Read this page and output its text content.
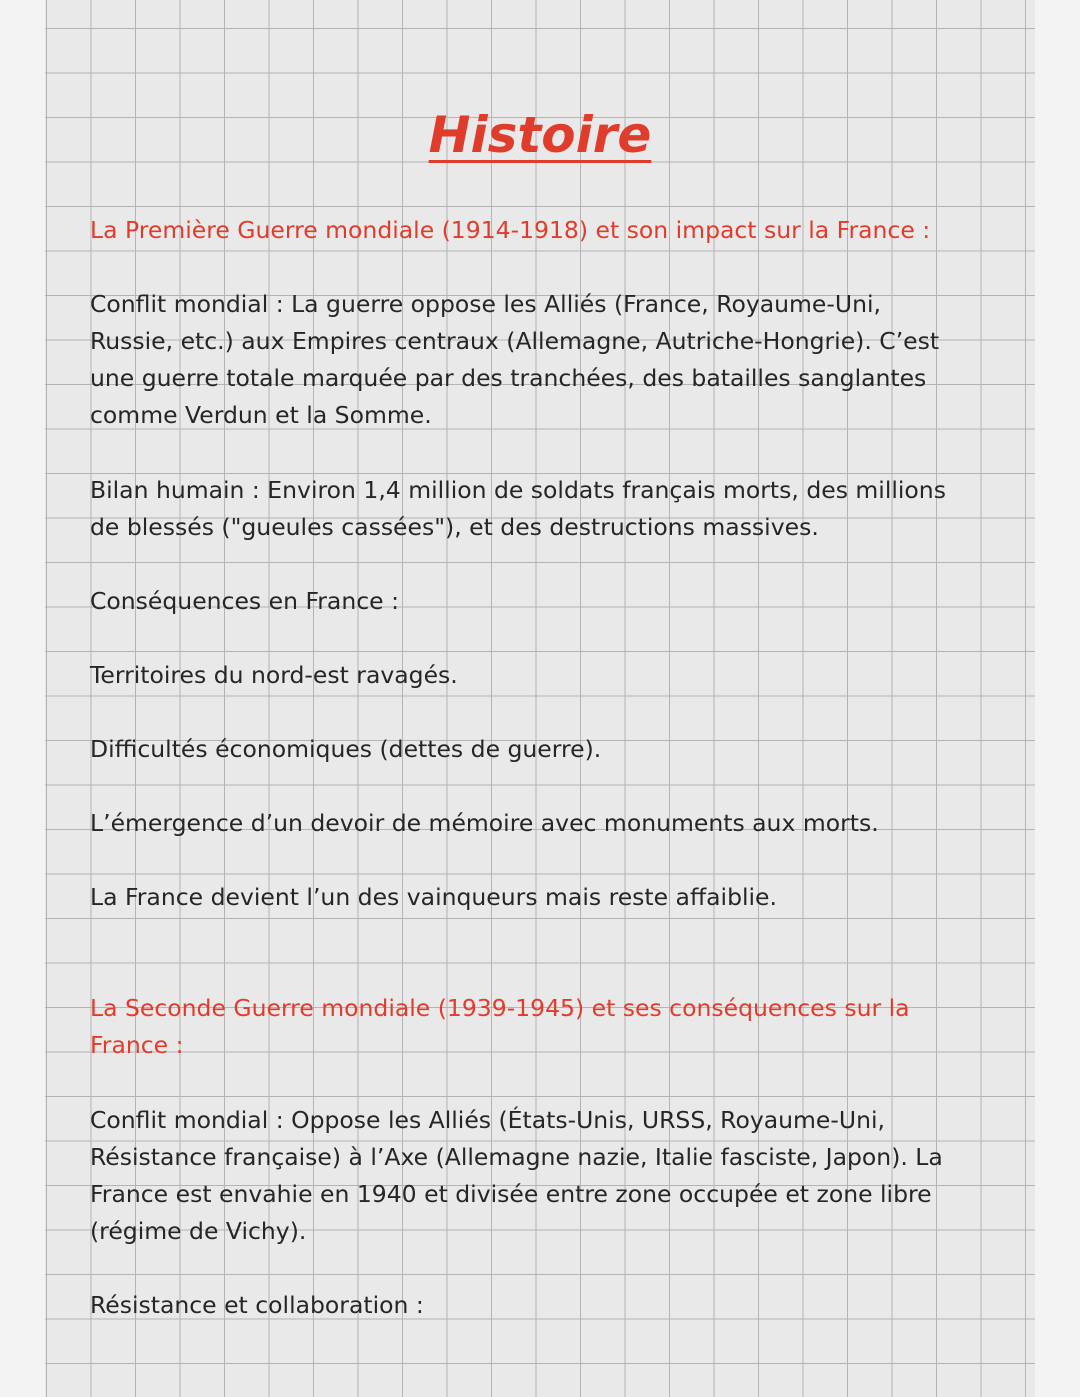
Histoire

La Première Guerre mondiale (1914-1918) et son impact sur la France :

Conflit mondial : La guerre oppose les Alliés (France, Royaume-Uni,

Russie, etc.) aux Empires centraux (Allemagne, Autriche-Hongrie). C’est

une guerre totale marquée par des tranchées, des batailles sanglantes

comme Verdun et la Somme.

Bilan humain : Environ 1,4 million de soldats français morts, des millions

de blessés ("gueules cassées"), et des destructions massives.

Conséquences en France :

Territoires du nord-est ravagés.

Difficultés économiques (dettes de guerre).

L’émergence d’un devoir de mémoire avec monuments aux morts.

La France devient l’un des vainqueurs mais reste affaiblie.

La Seconde Guerre mondiale (1939-1945) et ses conséquences sur la

France :

Conflit mondial : Oppose les Alliés (États-Unis, URSS, Royaume-Uni,

Résistance française) à l’Axe (Allemagne nazie, Italie fasciste, Japon). La

France est envahie en 1940 et divisée entre zone occupée et zone libre

(régime de Vichy).

Résistance et collaboration :
